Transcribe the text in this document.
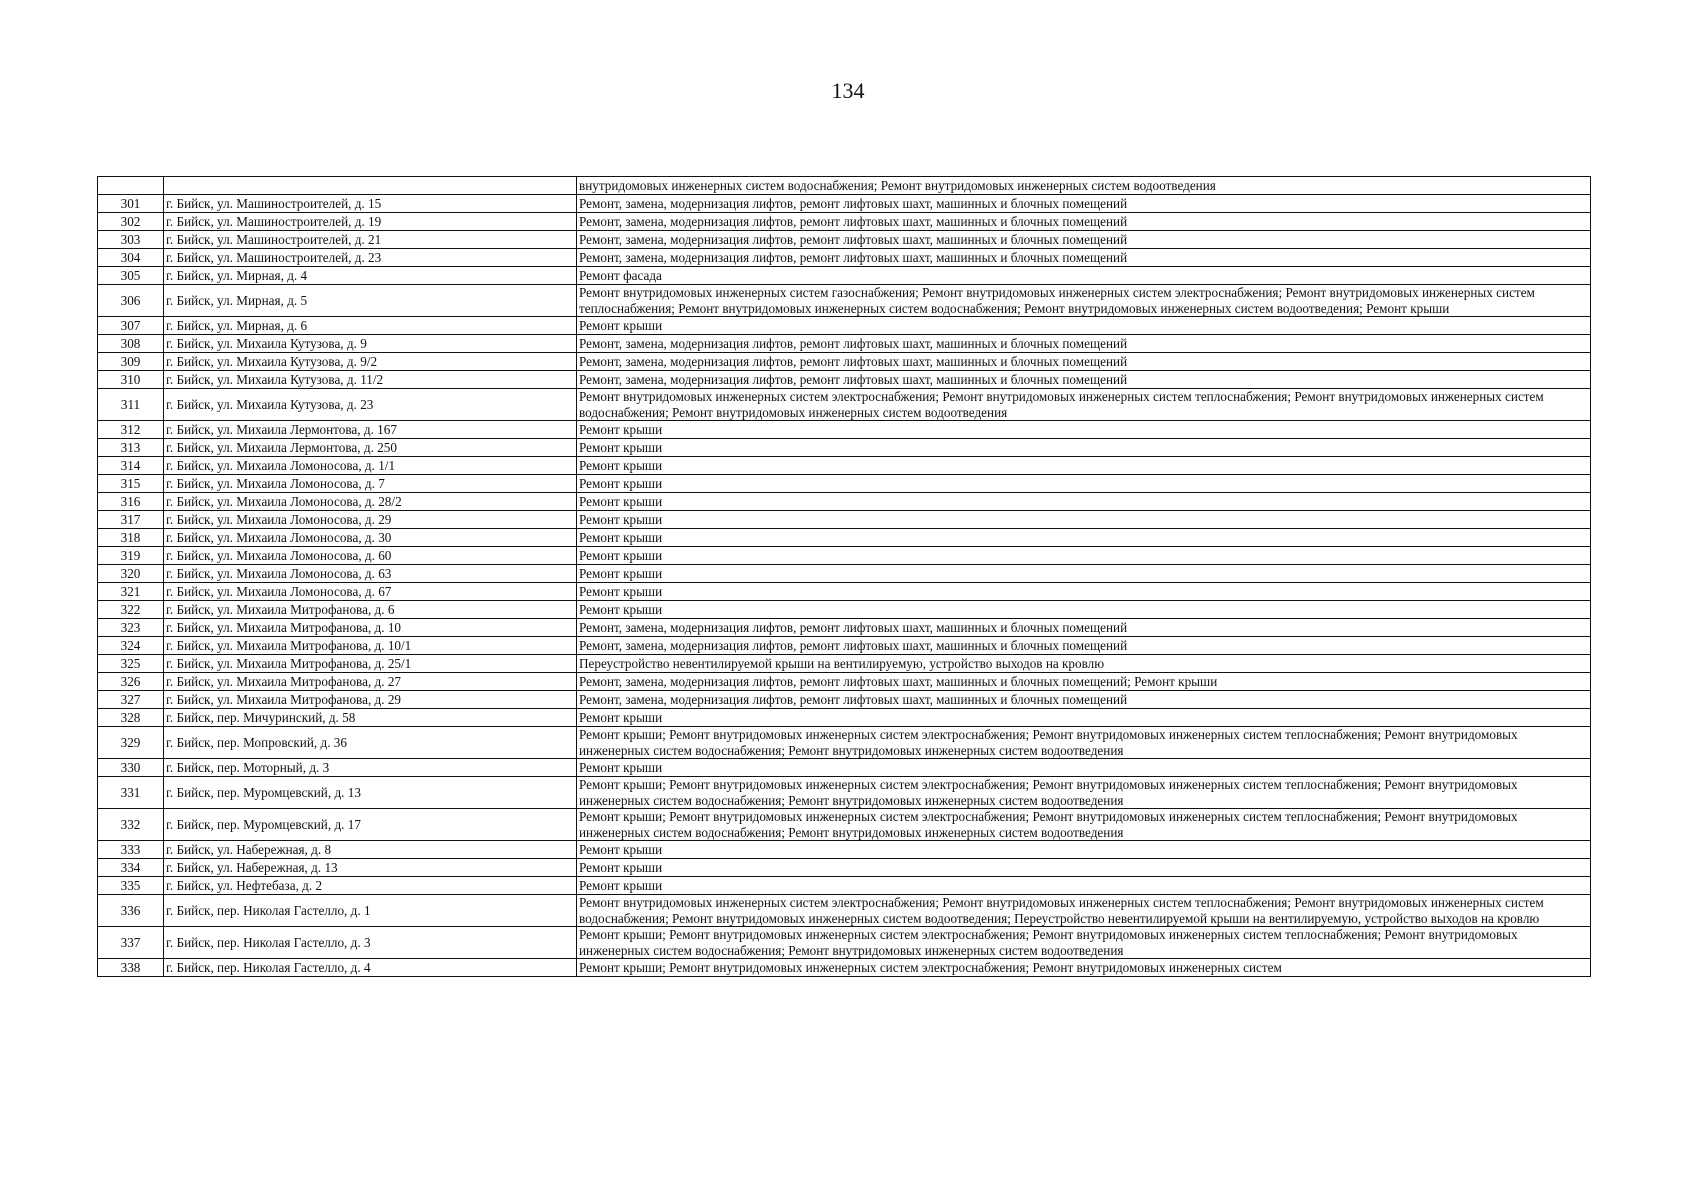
134
		внутридомовых инженерных систем водоснабжения; Ремонт внутридомовых инженерных систем водоотведения
301	г. Бийск, ул. Машиностроителей, д. 15	Ремонт, замена, модернизация лифтов, ремонт лифтовых шахт, машинных и блочных помещений
302	г. Бийск, ул. Машиностроителей, д. 19	Ремонт, замена, модернизация лифтов, ремонт лифтовых шахт, машинных и блочных помещений
303	г. Бийск, ул. Машиностроителей, д. 21	Ремонт, замена, модернизация лифтов, ремонт лифтовых шахт, машинных и блочных помещений
304	г. Бийск, ул. Машиностроителей, д. 23	Ремонт, замена, модернизация лифтов, ремонт лифтовых шахт, машинных и блочных помещений
305	г. Бийск, ул. Мирная, д. 4	Ремонт фасада
306	г. Бийск, ул. Мирная, д. 5	Ремонт внутридомовых инженерных систем газоснабжения; Ремонт внутридомовых инженерных систем электроснабжения; Ремонт внутридомовых инженерных систем теплоснабжения; Ремонт внутридомовых инженерных систем водоснабжения; Ремонт внутридомовых инженерных систем водоотведения; Ремонт крыши
307	г. Бийск, ул. Мирная, д. 6	Ремонт крыши
308	г. Бийск, ул. Михаила Кутузова, д. 9	Ремонт, замена, модернизация лифтов, ремонт лифтовых шахт, машинных и блочных помещений
309	г. Бийск, ул. Михаила Кутузова, д. 9/2	Ремонт, замена, модернизация лифтов, ремонт лифтовых шахт, машинных и блочных помещений
310	г. Бийск, ул. Михаила Кутузова, д. 11/2	Ремонт, замена, модернизация лифтов, ремонт лифтовых шахт, машинных и блочных помещений
311	г. Бийск, ул. Михаила Кутузова, д. 23	Ремонт внутридомовых инженерных систем электроснабжения; Ремонт внутридомовых инженерных систем теплоснабжения; Ремонт внутридомовых инженерных систем водоснабжения; Ремонт внутридомовых инженерных систем водоотведения
312	г. Бийск, ул. Михаила Лермонтова, д. 167	Ремонт крыши
313	г. Бийск, ул. Михаила Лермонтова, д. 250	Ремонт крыши
314	г. Бийск, ул. Михаила Ломоносова, д. 1/1	Ремонт крыши
315	г. Бийск, ул. Михаила Ломоносова, д. 7	Ремонт крыши
316	г. Бийск, ул. Михаила Ломоносова, д. 28/2	Ремонт крыши
317	г. Бийск, ул. Михаила Ломоносова, д. 29	Ремонт крыши
318	г. Бийск, ул. Михаила Ломоносова, д. 30	Ремонт крыши
319	г. Бийск, ул. Михаила Ломоносова, д. 60	Ремонт крыши
320	г. Бийск, ул. Михаила Ломоносова, д. 63	Ремонт крыши
321	г. Бийск, ул. Михаила Ломоносова, д. 67	Ремонт крыши
322	г. Бийск, ул. Михаила Митрофанова, д. 6	Ремонт крыши
323	г. Бийск, ул. Михаила Митрофанова, д. 10	Ремонт, замена, модернизация лифтов, ремонт лифтовых шахт, машинных и блочных помещений
324	г. Бийск, ул. Михаила Митрофанова, д. 10/1	Ремонт, замена, модернизация лифтов, ремонт лифтовых шахт, машинных и блочных помещений
325	г. Бийск, ул. Михаила Митрофанова, д. 25/1	Переустройство невентилируемой крыши на вентилируемую, устройство выходов на кровлю
326	г. Бийск, ул. Михаила Митрофанова, д. 27	Ремонт, замена, модернизация лифтов, ремонт лифтовых шахт, машинных и блочных помещений; Ремонт крыши
327	г. Бийск, ул. Михаила Митрофанова, д. 29	Ремонт, замена, модернизация лифтов, ремонт лифтовых шахт, машинных и блочных помещений
328	г. Бийск, пер. Мичуринский, д. 58	Ремонт крыши
329	г. Бийск, пер. Мопровский, д. 36	Ремонт крыши; Ремонт внутридомовых инженерных систем электроснабжения; Ремонт внутридомовых инженерных систем теплоснабжения; Ремонт внутридомовых инженерных систем водоснабжения; Ремонт внутридомовых инженерных систем водоотведения
330	г. Бийск, пер. Моторный, д. 3	Ремонт крыши
331	г. Бийск, пер. Муромцевский, д. 13	Ремонт крыши; Ремонт внутридомовых инженерных систем электроснабжения; Ремонт внутридомовых инженерных систем теплоснабжения; Ремонт внутридомовых инженерных систем водоснабжения; Ремонт внутридомовых инженерных систем водоотведения
332	г. Бийск, пер. Муромцевский, д. 17	Ремонт крыши; Ремонт внутридомовых инженерных систем электроснабжения; Ремонт внутридомовых инженерных систем теплоснабжения; Ремонт внутридомовых инженерных систем водоснабжения; Ремонт внутридомовых инженерных систем водоотведения
333	г. Бийск, ул. Набережная, д. 8	Ремонт крыши
334	г. Бийск, ул. Набережная, д. 13	Ремонт крыши
335	г. Бийск, ул. Нефтебаза, д. 2	Ремонт крыши
336	г. Бийск, пер. Николая Гастелло, д. 1	Ремонт внутридомовых инженерных систем электроснабжения; Ремонт внутридомовых инженерных систем теплоснабжения; Ремонт внутридомовых инженерных систем водоснабжения; Ремонт внутридомовых инженерных систем водоотведения; Переустройство невентилируемой крыши на вентилируемую, устройство выходов на кровлю
337	г. Бийск, пер. Николая Гастелло, д. 3	Ремонт крыши; Ремонт внутридомовых инженерных систем электроснабжения; Ремонт внутридомовых инженерных систем теплоснабжения; Ремонт внутридомовых инженерных систем водоснабжения; Ремонт внутридомовых инженерных систем водоотведения
338	г. Бийск, пер. Николая Гастелло, д. 4	Ремонт крыши; Ремонт внутридомовых инженерных систем электроснабжения; Ремонт внутридомовых инженерных систем
